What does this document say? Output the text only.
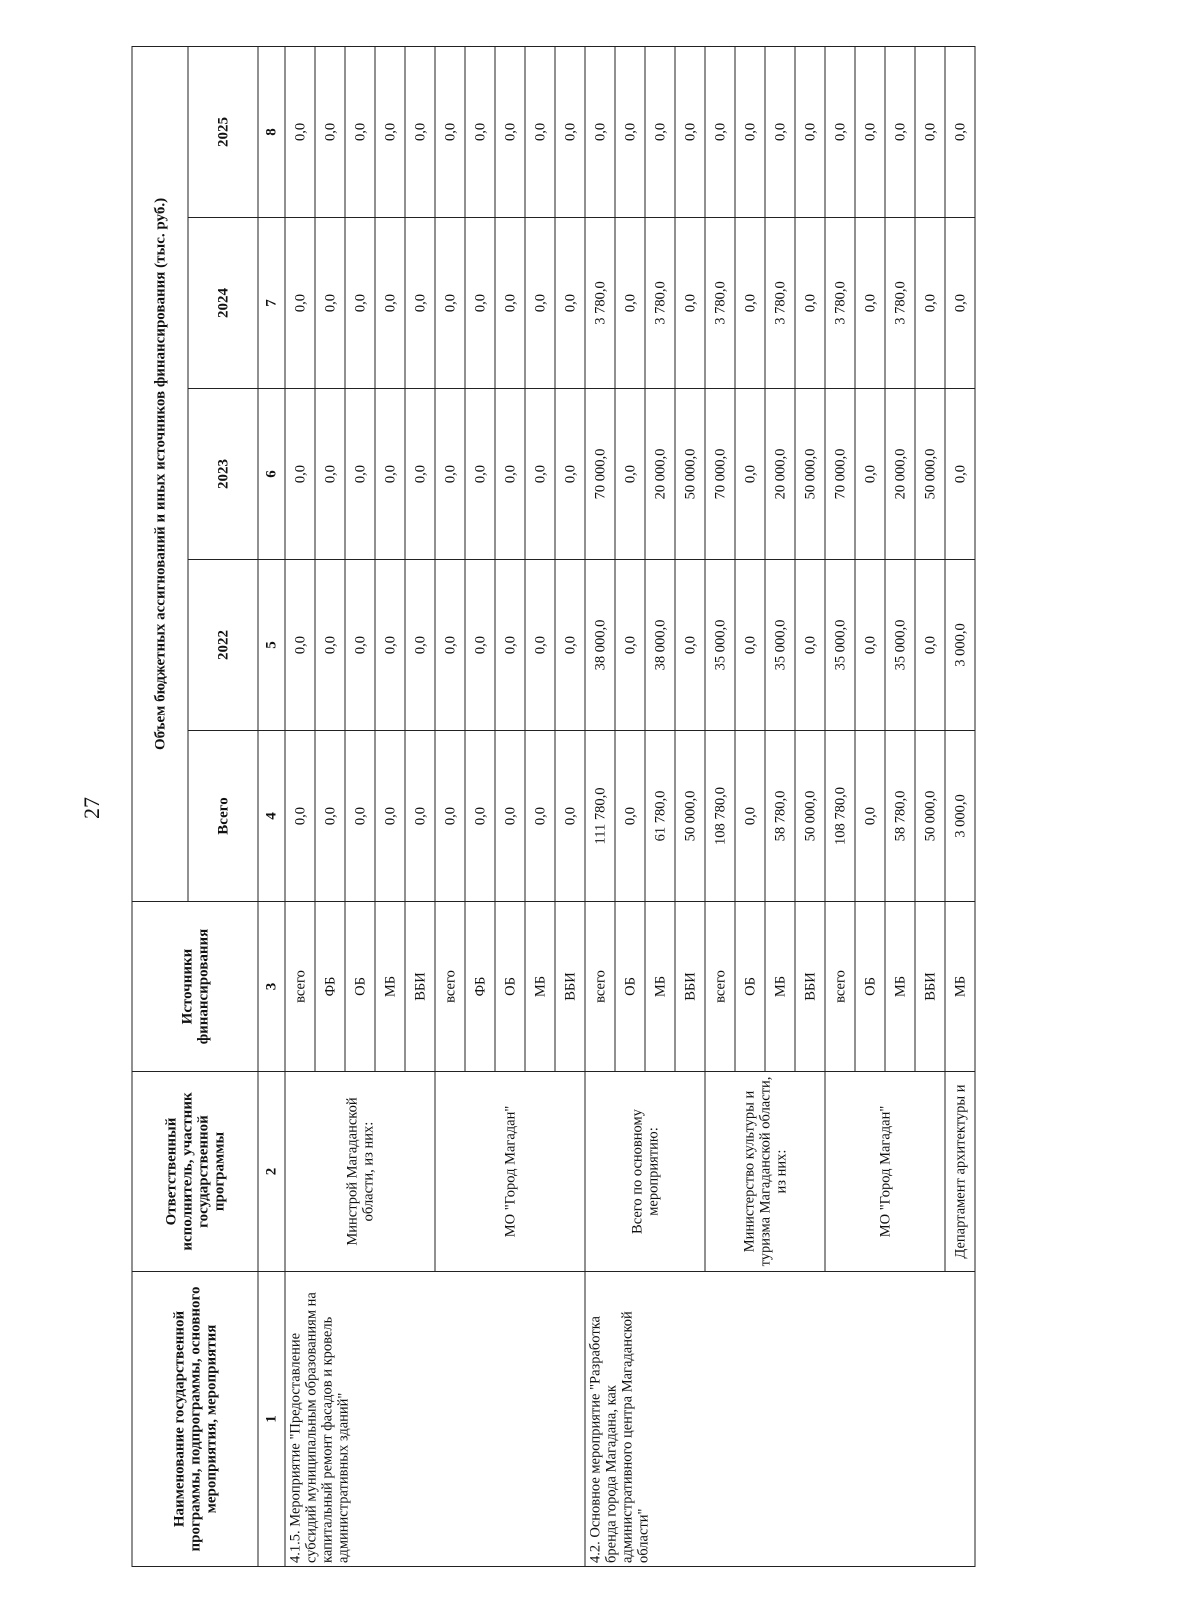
27
Наименование государственной программы, подпрограммы, основного мероприятия, мероприятия	Ответственный исполнитель, участник государственной программы	Источники финансирования	Объем бюджетных ассигнований и иных источников финансирования (тыс. руб.)				
			Всего	2022	2023	2024	2025
1	2	3	4	5	6	7	8
4.1.5. Мероприятие "Предоставление субсидий муниципальным образованиям на капитальный ремонт фасадов и кровель административных зданий"	Минстрой Магаданской области, из них:	всего	0,0	0,0	0,0	0,0	0,0
		ФБ	0,0	0,0	0,0	0,0	0,0
		ОБ	0,0	0,0	0,0	0,0	0,0
		МБ	0,0	0,0	0,0	0,0	0,0
		ВБИ	0,0	0,0	0,0	0,0	0,0
	МО "Город Магадан"	всего	0,0	0,0	0,0	0,0	0,0
		ФБ	0,0	0,0	0,0	0,0	0,0
		ОБ	0,0	0,0	0,0	0,0	0,0
		МБ	0,0	0,0	0,0	0,0	0,0
		ВБИ	0,0	0,0	0,0	0,0	0,0
4.2. Основное мероприятие "Разработка бренда города Магадана, как административного центра Магаданской области"	Всего по основному мероприятию:	всего	111 780,0	38 000,0	70 000,0	3 780,0	0,0
		ОБ	0,0	0,0	0,0	0,0	0,0
		МБ	61 780,0	38 000,0	20 000,0	3 780,0	0,0
		ВБИ	50 000,0	0,0	50 000,0	0,0	0,0
	Министерство культуры и туризма Магаданской области, из них:	всего	108 780,0	35 000,0	70 000,0	3 780,0	0,0
		ОБ	0,0	0,0	0,0	0,0	0,0
		МБ	58 780,0	35 000,0	20 000,0	3 780,0	0,0
		ВБИ	50 000,0	0,0	50 000,0	0,0	0,0
	МО "Город Магадан"	всего	108 780,0	35 000,0	70 000,0	3 780,0	0,0
		ОБ	0,0	0,0	0,0	0,0	0,0
		МБ	58 780,0	35 000,0	20 000,0	3 780,0	0,0
		ВБИ	50 000,0	0,0	50 000,0	0,0	0,0
	Департамент архитектуры и	МБ	3 000,0	3 000,0	0,0	0,0	0,0
